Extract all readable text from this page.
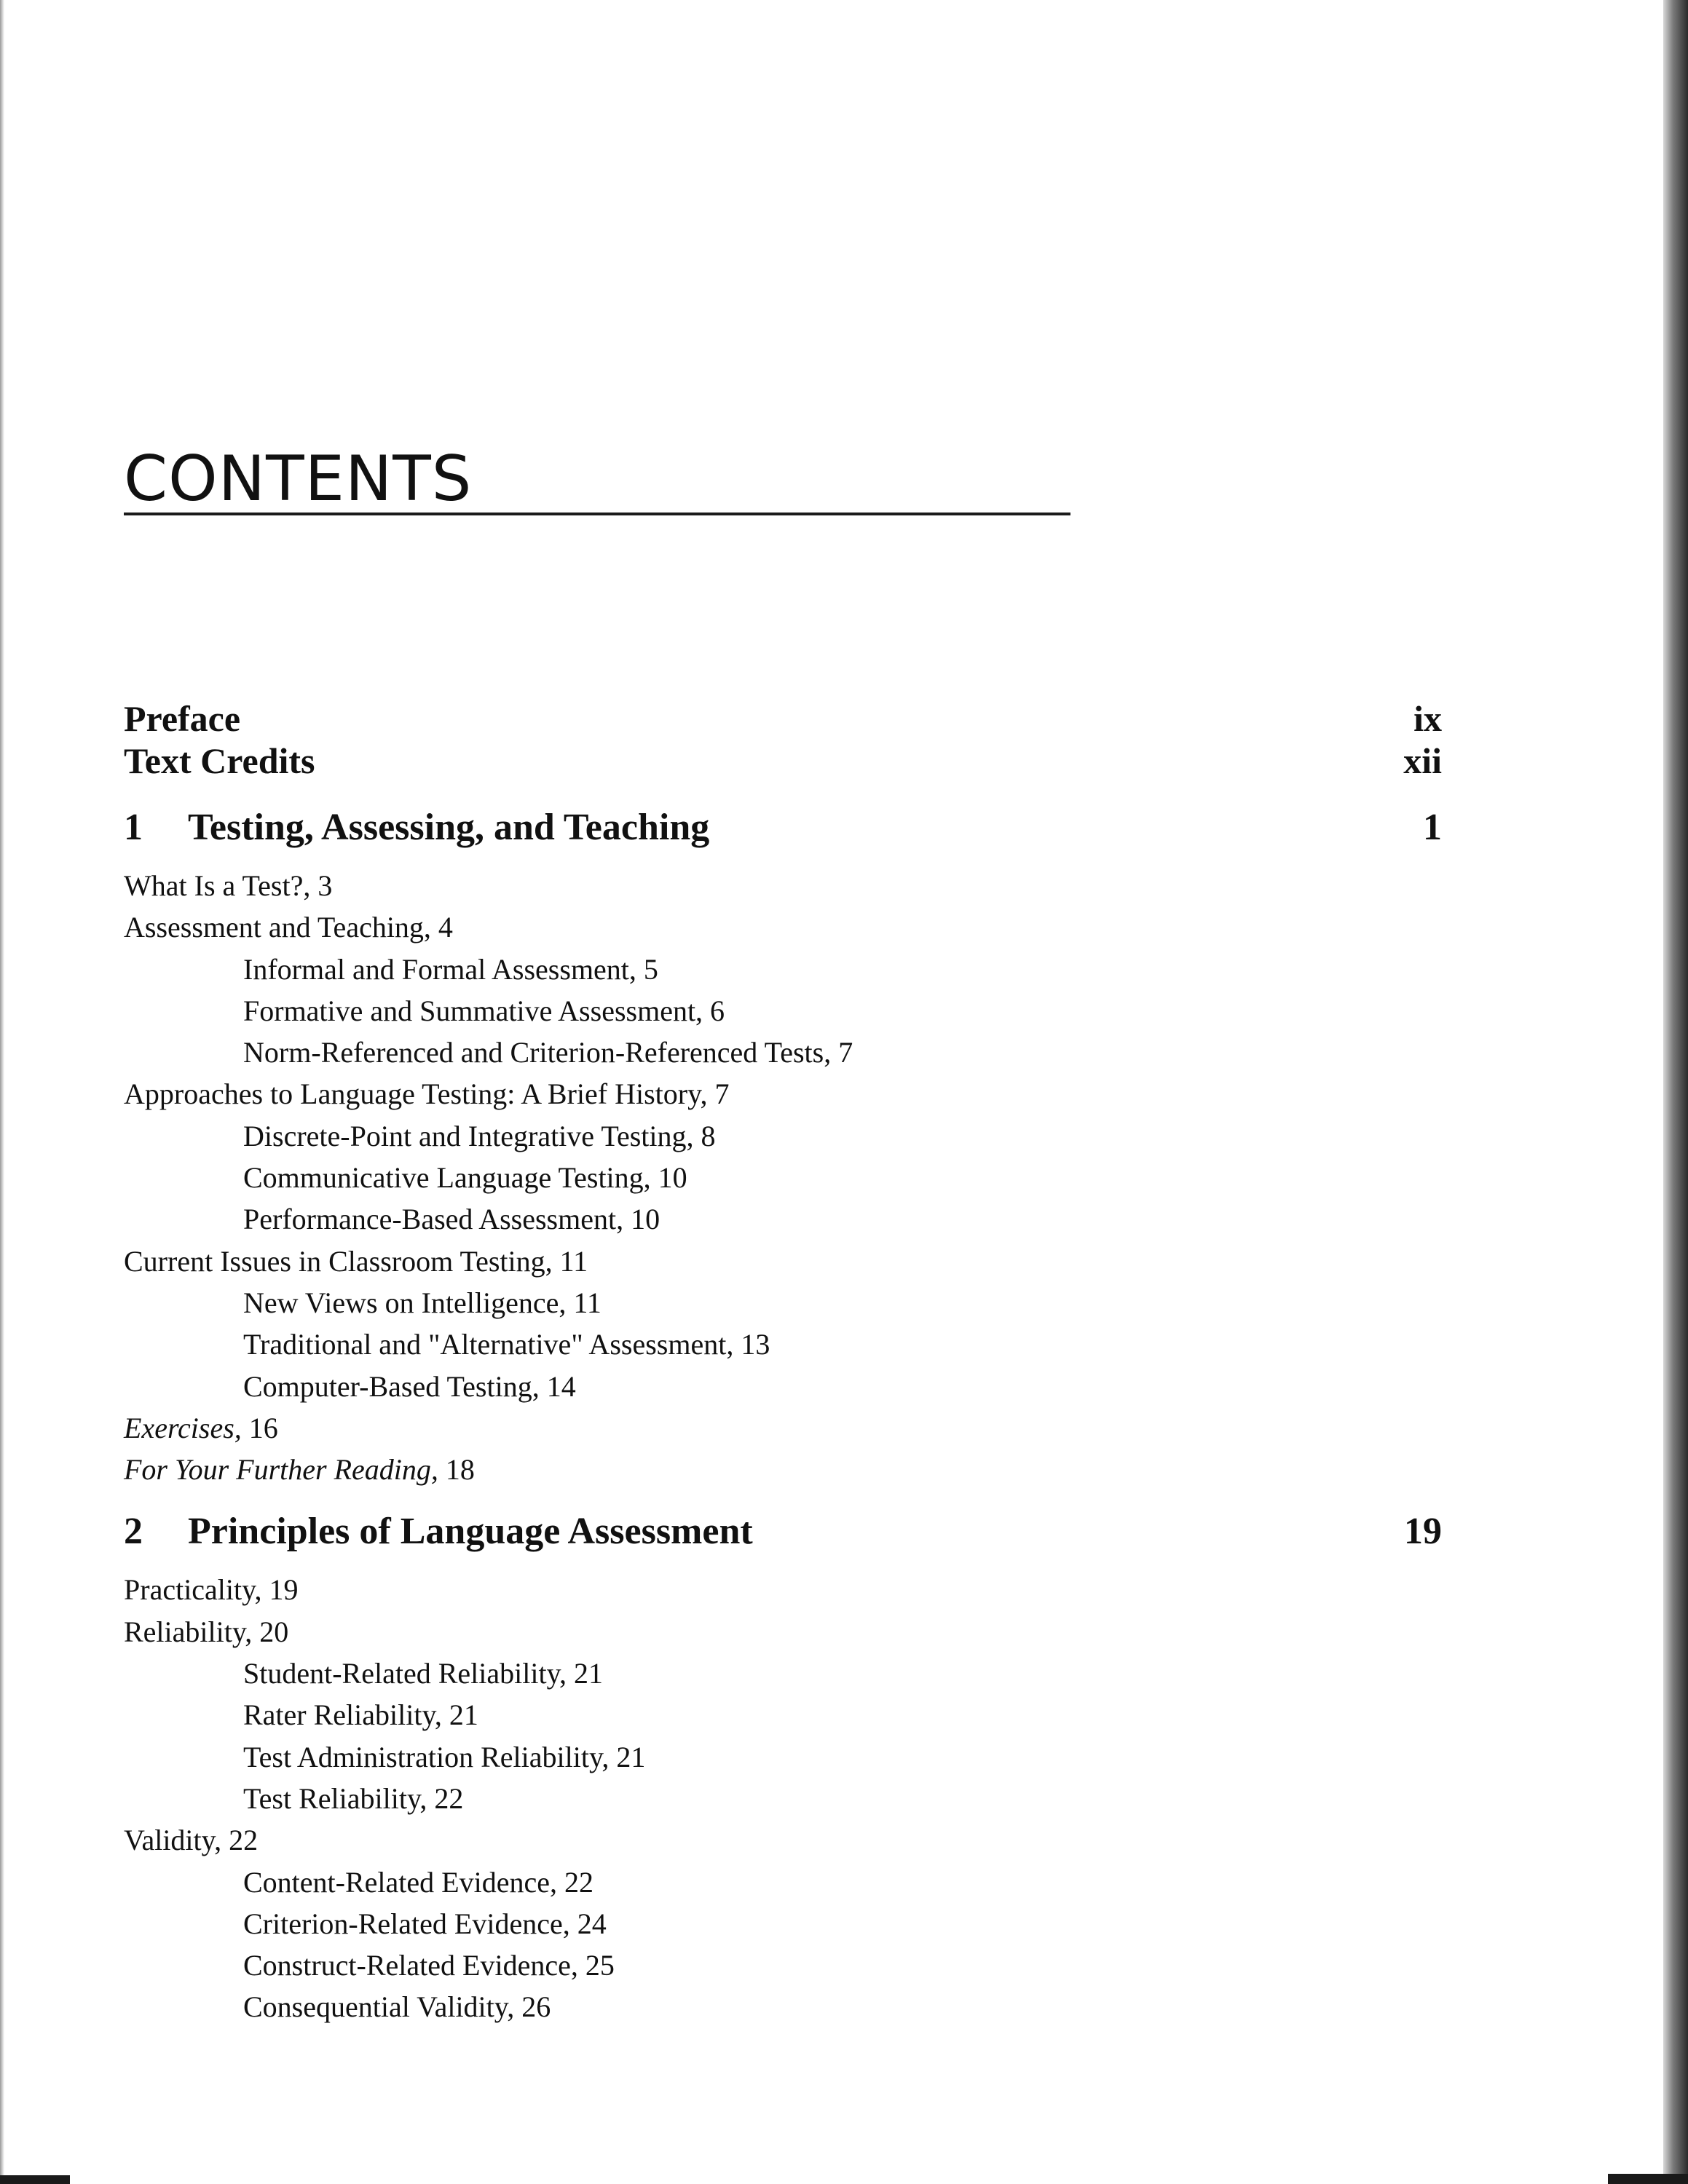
CONTENTS
Preface	ix
Text Credits	xii
1 Testing, Assessing, and Teaching	1
What Is a Test?, 3
Assessment and Teaching, 4
Informal and Formal Assessment, 5
Formative and Summative Assessment, 6
Norm-Referenced and Criterion-Referenced Tests, 7
Approaches to Language Testing: A Brief History, 7
Discrete-Point and Integrative Testing, 8
Communicative Language Testing, 10
Performance-Based Assessment, 10
Current Issues in Classroom Testing, 11
New Views on Intelligence, 11
Traditional and "Alternative" Assessment, 13
Computer-Based Testing, 14
Exercises, 16
For Your Further Reading, 18
2 Principles of Language Assessment	19
Practicality, 19
Reliability, 20
Student-Related Reliability, 21
Rater Reliability, 21
Test Administration Reliability, 21
Test Reliability, 22
Validity, 22
Content-Related Evidence, 22
Criterion-Related Evidence, 24
Construct-Related Evidence, 25
Consequential Validity, 26
